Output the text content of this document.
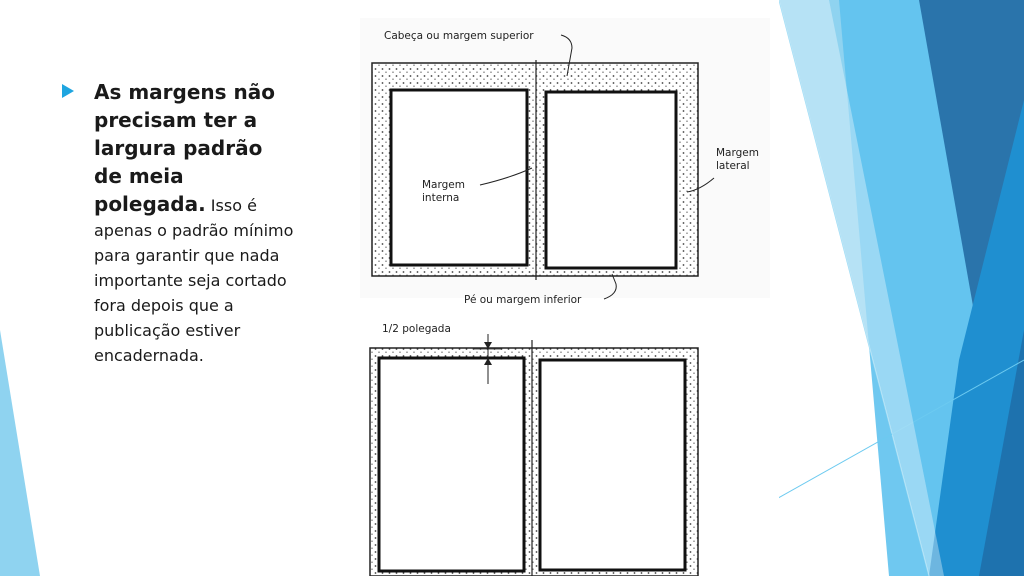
As margens não precisam ter a largura padrão de meia polegada. Isso é apenas o padrão mínimo para garantir que nada importante seja cortado fora depois que a publicação estiver encadernada.
Cabeça ou margem superior
Margem
interna
Margem
lateral
Pé ou margem inferior
1/2 polegada
